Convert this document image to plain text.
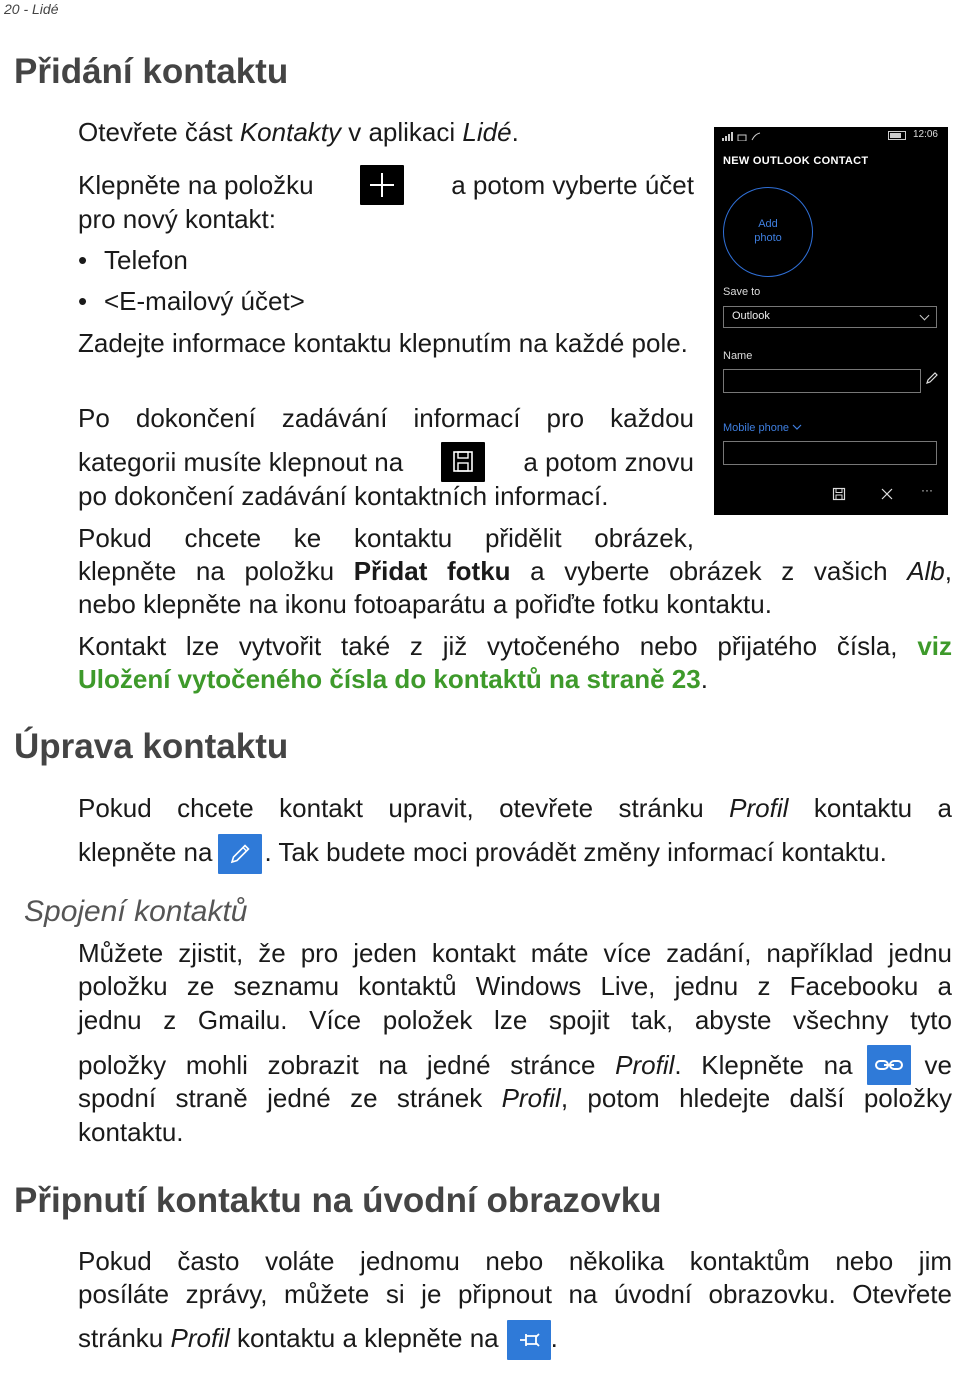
20 - Lidé
Přidání kontaktu
Otevřete část Kontakty v aplikaci Lidé.
Klepněte na položku	a potom vyberte účet
pro nový kontakt:
• Telefon
• <E-mailový účet>
Zadejte informace kontaktu klepnutím na každé pole.
Po dokončení zadávání informací pro každou
kategorii musíte klepnout na	a potom znovu
po dokončení zadávání kontaktních informací.
Pokud chcete ke kontaktu přidělit obrázek,
klepněte na položku Přidat fotku a vyberte obrázek z vašich Alb,
nebo klepněte na ikonu fotoaparátu a pořiďte fotku kontaktu.
Kontakt lze vytvořit také z již vytočeného nebo přijatého čísla, viz
Uložení vytočeného čísla do kontaktů na straně 23.
12:06
NEW OUTLOOK CONTACT
Add
photo
Save to
Outlook
Name
Mobile phone
···
Úprava kontaktu
Pokud chcete kontakt upravit, otevřete stránku Profil kontaktu a
klepněte na . Tak budete moci provádět změny informací kontaktu.
Spojení kontaktů
Můžete zjistit, že pro jeden kontakt máte více zadání, například jednu
položku ze seznamu kontaktů Windows Live, jednu z Facebooku a
jednu z Gmailu. Více položek lze spojit tak, abyste všechny tyto
položky mohli zobrazit na jedné stránce Profil. Klepněte na	ve
spodní straně jedné ze stránek Profil, potom hledejte další položky
kontaktu.
Připnutí kontaktu na úvodní obrazovku
Pokud často voláte jednomu nebo několika kontaktům nebo jim
posíláte zprávy, můžete si je připnout na úvodní obrazovku. Otevřete
stránku Profil kontaktu a klepněte na .
